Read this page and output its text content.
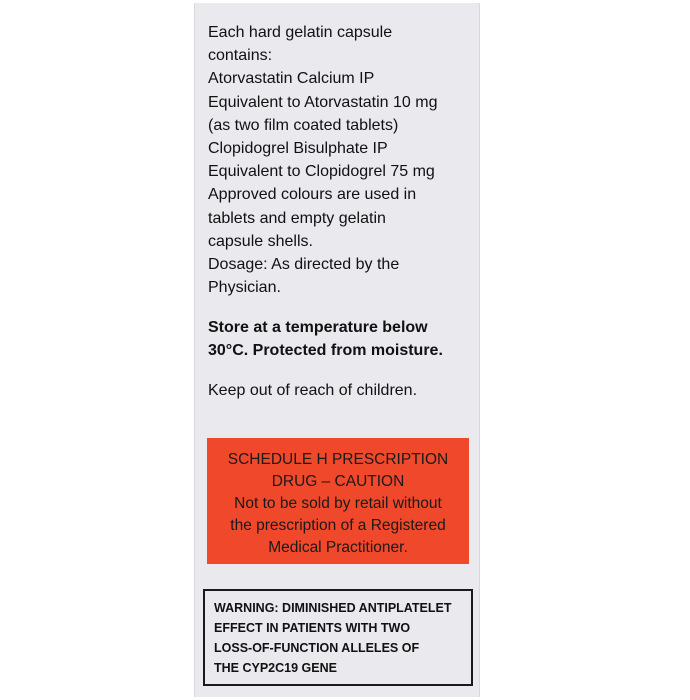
Each hard gelatin capsule
contains:
Atorvastatin Calcium IP
Equivalent to Atorvastatin 10 mg
(as two film coated tablets)
Clopidogrel Bisulphate IP
Equivalent to Clopidogrel 75 mg
Approved colours are used in
tablets and empty gelatin
capsule shells.

Dosage: As directed by the
Physician.

Store at a temperature below
30°C. Protected from moisture.

Keep out of reach of children.

SCHEDULE H PRESCRIPTION
DRUG – CAUTION
Not to be sold by retail without
the prescription of a Registered
Medical Practitioner.
WARNING: DIMINISHED ANTIPLATELET
EFFECT IN PATIENTS WITH TWO
LOSS-OF-FUNCTION ALLELES OF
THE CYP2C19 GENE
